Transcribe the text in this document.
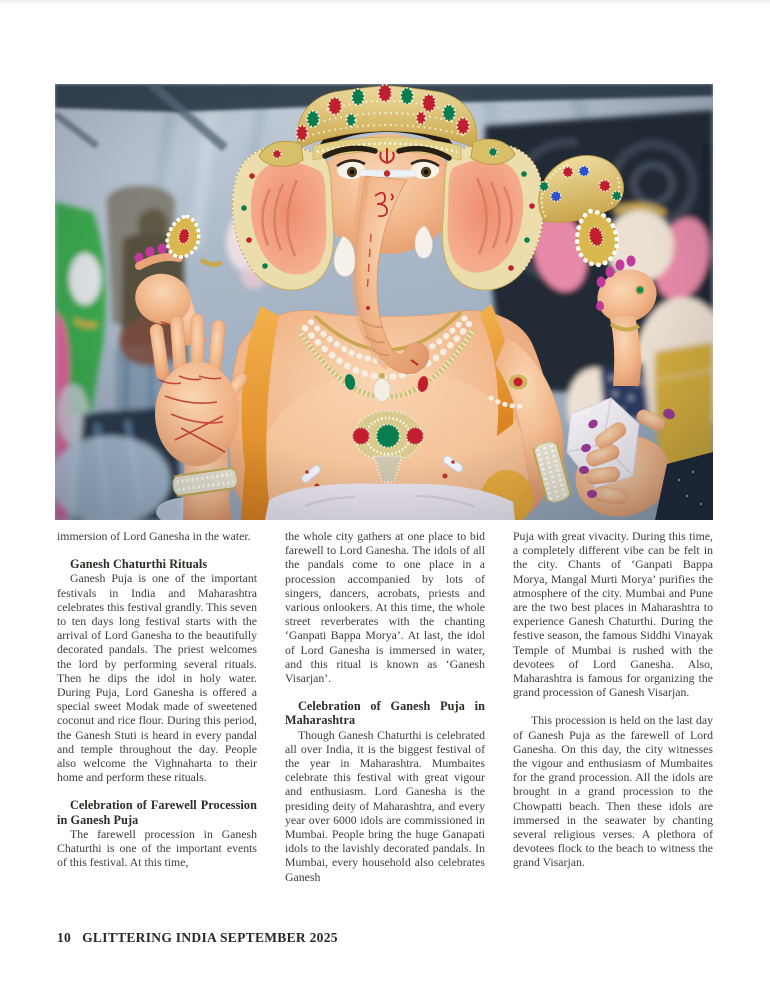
immersion of Lord Ganesha in the water.

Ganesh Chaturthi Rituals

Ganesh Puja is one of the important festivals in India and Maharashtra celebrates this festival grandly. This seven to ten days long festival starts with the arrival of Lord Ganesha to the beautifully decorated pandals. The priest welcomes the lord by performing several rituals. Then he dips the idol in holy water. During Puja, Lord Ganesha is offered a special sweet Modak made of sweetened coconut and rice flour. During this period, the Ganesh Stuti is heard in every pandal and temple throughout the day. People also welcome the Vighnaharta to their home and perform these rituals.

Celebration of Farewell Procession in Ganesh Puja

The farewell procession in Ganesh Chaturthi is one of the important events of this festival. At this time,

the whole city gathers at one place to bid farewell to Lord Ganesha. The idols of all the pandals come to one place in a procession accompanied by lots of singers, dancers, acrobats, priests and various onlookers. At this time, the whole street reverberates with the chanting ‘Ganpati Bappa Morya’. At last, the idol of Lord Ganesha is immersed in water, and this ritual is known as ‘Ganesh Visarjan’.

Celebration of Ganesh Puja in Maharashtra

Though Ganesh Chaturthi is celebrated all over India, it is the biggest festival of the year in Maharashtra. Mumbaites celebrate this festival with great vigour and enthusiasm. Lord Ganesha is the presiding deity of Maharashtra, and every year over 6000 idols are commissioned in Mumbai. People bring the huge Ganapati idols to the lavishly decorated pandals. In Mumbai, every household also celebrates Ganesh

Puja with great vivacity. During this time, a completely different vibe can be felt in the city. Chants of ‘Ganpati Bappa Morya, Mangal Murti Morya’ purifies the atmosphere of the city. Mumbai and Pune are the two best places in Maharashtra to experience Ganesh Chaturthi. During the festive season, the famous Siddhi Vinayak Temple of Mumbai is rushed with the devotees of Lord Ganesha. Also, Maharashtra is famous for organizing the grand procession of Ganesh Visarjan.

This procession is held on the last day of Ganesh Puja as the farewell of Lord Ganesha. On this day, the city witnesses the vigour and enthusiasm of Mumbaites for the grand procession. All the idols are brought in a grand procession to the Chowpatti beach. Then these idols are immersed in the seawater by chanting several religious verses. A plethora of devotees flock to the beach to witness the grand Visarjan.

10 GLITTERING INDIA SEPTEMBER 2025
